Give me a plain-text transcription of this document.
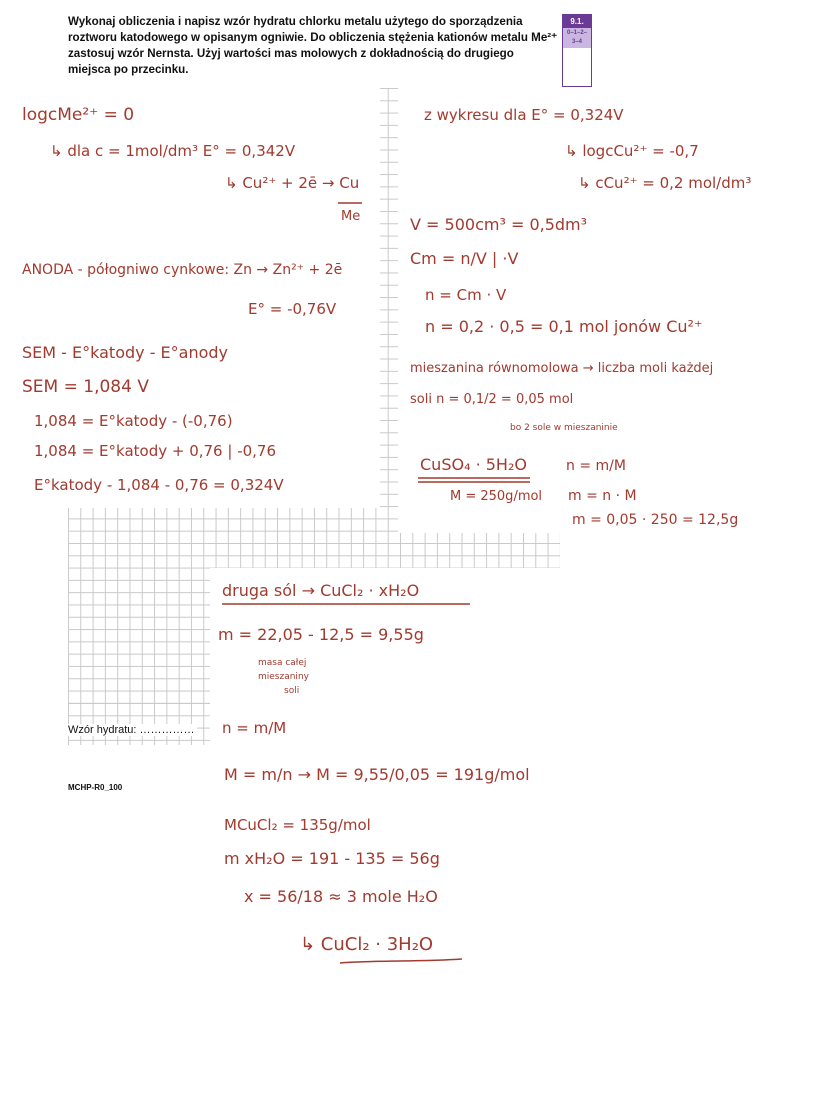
Wykonaj obliczenia i napisz wzór hydratu chlorku metalu użytego do sporządzenia roztworu katodowego w opisanym ogniwie. Do obliczenia stężenia kationów metalu Me²⁺ zastosuj wzór Nernsta. Użyj wartości mas molowych z dokładnością do drugiego miejsca po przecinku.

9.1.
0–1–2–
3–4
Wzór hydratu: ……………
MCHP-R0_100
logcMe²⁺ = 0
↳ dla c = 1mol/dm³ E° = 0,342V
↳ Cu²⁺ + 2ē → Cu
Me
ANODA - półogniwo cynkowe: Zn → Zn²⁺ + 2ē
E° = -0,76V
SEM - E°katody - E°anody
SEM = 1,084 V
1,084 = E°katody - (-0,76)
1,084 = E°katody + 0,76 | -0,76
E°katody - 1,084 - 0,76 = 0,324V
z wykresu dla E° = 0,324V
↳ logcCu²⁺ = -0,7
↳ cCu²⁺ = 0,2 mol/dm³
V = 500cm³ = 0,5dm³
Cm = n/V | ·V
n = Cm · V
n = 0,2 · 0,5 = 0,1 mol jonów Cu²⁺
mieszanina równomolowa → liczba moli każdej
soli n = 0,1/2 = 0,05 mol
bo 2 sole w mieszaninie
CuSO₄ · 5H₂O	n = m/M
M = 250g/mol m = n · M
m = 0,05 · 250 = 12,5g
druga sól → CuCl₂ · xH₂O
m = 22,05 - 12,5 = 9,55g
masa całej
mieszaniny
soli
n = m/M
M = m/n → M = 9,55/0,05 = 191g/mol
MCuCl₂ = 135g/mol
m xH₂O = 191 - 135 = 56g
x = 56/18 ≈ 3 mole H₂O
↳ CuCl₂ · 3H₂O
